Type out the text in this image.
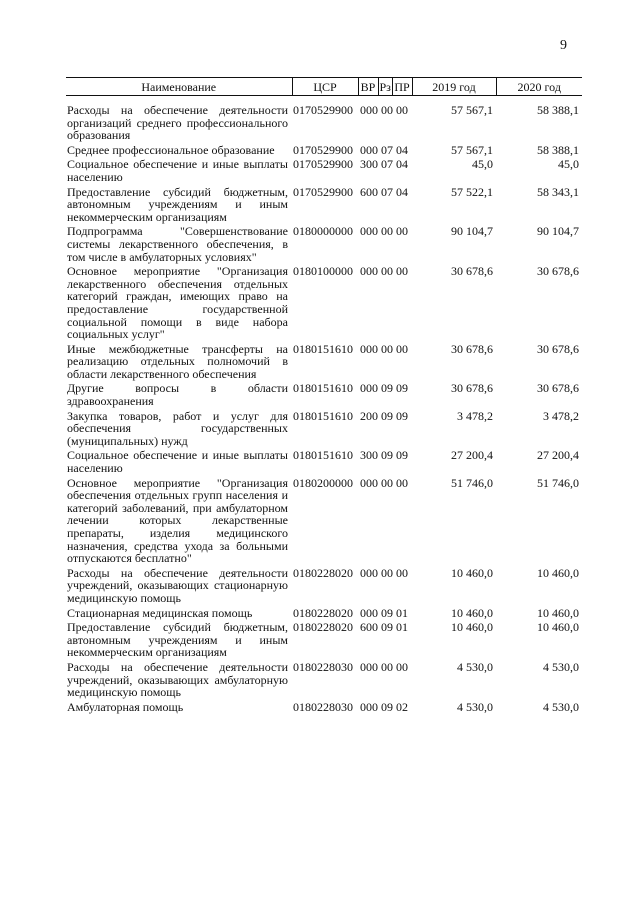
9
Наименование	ЦСР	ВР	Рз	ПР	2019 год	2020 год
Расходы на обеспечение деятельности организаций среднего профессионального образования	0170529900	000 00 00			57 567,1	58 388,1
Среднее профессиональное образование	0170529900	000 07 04			57 567,1	58 388,1
Социальное обеспечение и иные выплаты населению	0170529900	300 07 04			45,0	45,0
Предоставление субсидий бюджетным, автономным учреждениям и иным некоммерческим организациям	0170529900	600 07 04			57 522,1	58 343,1
Подпрограмма "Совершенствование системы лекарственного обеспечения, в том числе в амбулаторных условиях"	0180000000	000 00 00			90 104,7	90 104,7
Основное мероприятие "Организация лекарственного обеспечения отдельных категорий граждан, имеющих право на предоставление государственной социальной помощи в виде набора социальных услуг"	0180100000	000 00 00			30 678,6	30 678,6
Иные межбюджетные трансферты на реализацию отдельных полномочий в области лекарственного обеспечения	0180151610	000 00 00			30 678,6	30 678,6
Другие вопросы в области здравоохранения	0180151610	000 09 09			30 678,6	30 678,6
Закупка товаров, работ и услуг для обеспечения государственных (муниципальных) нужд	0180151610	200 09 09			3 478,2	3 478,2
Социальное обеспечение и иные выплаты населению	0180151610	300 09 09			27 200,4	27 200,4
Основное мероприятие "Организация обеспечения отдельных групп населения и категорий заболеваний, при амбулаторном лечении которых лекарственные препараты, изделия медицинского назначения, средства ухода за больными отпускаются бесплатно"	0180200000	000 00 00			51 746,0	51 746,0
Расходы на обеспечение деятельности учреждений, оказывающих стационарную медицинскую помощь	0180228020	000 00 00			10 460,0	10 460,0
Стационарная медицинская помощь	0180228020	000 09 01			10 460,0	10 460,0
Предоставление субсидий бюджетным, автономным учреждениям и иным некоммерческим организациям	0180228020	600 09 01			10 460,0	10 460,0
Расходы на обеспечение деятельности учреждений, оказывающих амбулаторную медицинскую помощь	0180228030	000 00 00			4 530,0	4 530,0
Амбулаторная помощь	0180228030	000 09 02			4 530,0	4 530,0
